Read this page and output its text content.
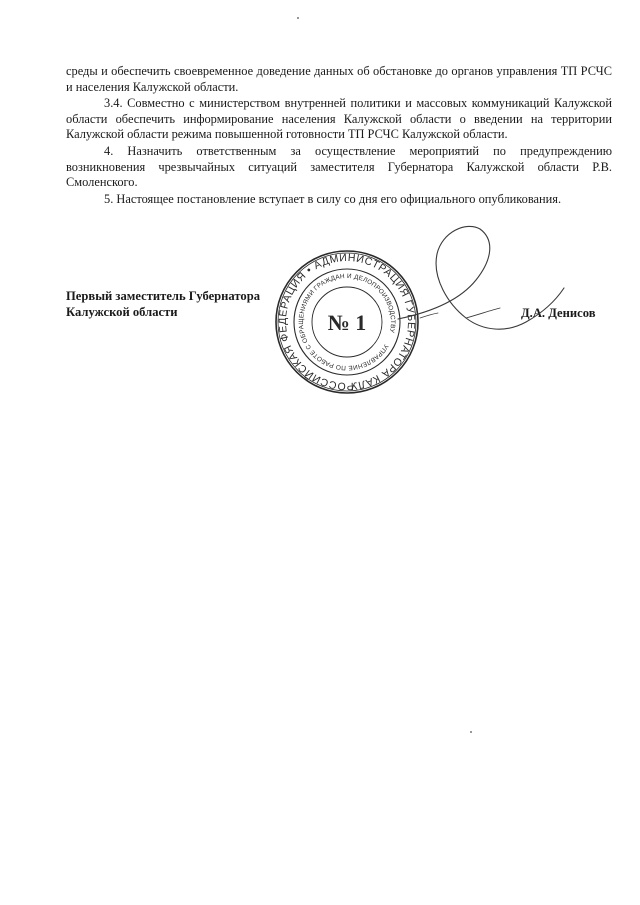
среды и обеспечить своевременное доведение данных об обстановке до органов управления ТП РСЧС и населения Калужской области.

3.4. Совместно с министерством внутренней политики и массовых коммуникаций Калужской области обеспечить информирование населения Калужской области о введении на территории Калужской области режима повышенной готовности ТП РСЧС Калужской области.

4. Назначить ответственным за осуществление мероприятий по предупреждению возникновения чрезвычайных ситуаций заместителя Губернатора Калужской области Р.В. Смоленского.

5. Настоящее постановление вступает в силу со дня его официального опубликования.

Первый заместитель Губернатора
Калужской области	Д.А. Денисов
РОССИЙСКАЯ ФЕДЕРАЦИЯ • АДМИНИСТРАЦИЯ ГУБЕРНАТОРА КАЛУЖСКОЙ
УПРАВЛЕНИЕ ПО РАБОТЕ С ОБРАЩЕНИЯМИ ГРАЖДАН И ДЕЛОПРОИЗВОДСТВУ
№ 1
